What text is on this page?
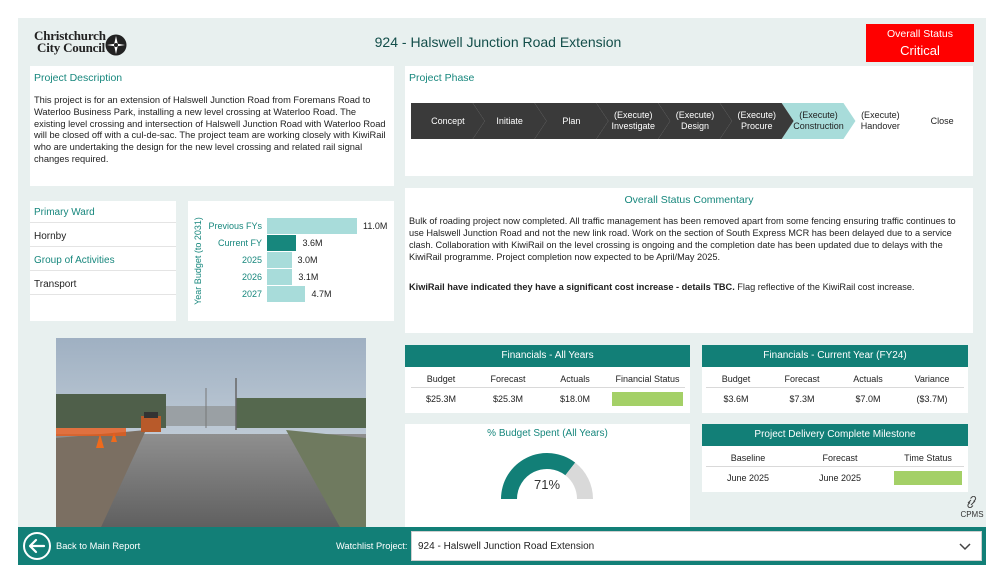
Christchurch
City Council	924 - Halswell Junction Road Extension	Overall Status
Critical
Project Description
This project is for an extension of Halswell Junction Road from Foremans Road to Waterloo Business Park, installing a new level crossing at Waterloo Road. The existing level crossing and intersection of Halswell Junction Road with Waterloo Road will be closed off with a cul-de-sac. The project team are working closely with KiwiRail who are undertaking the design for the new level crossing and related rail signal changes required.
Project Phase
Concept	Initiate	Plan
(Execute)
Investigate
(Execute)
Design
(Execute)
Procure
(Execute)
Construction
(Execute)
Handover	Close
Primary Ward
Hornby
Group of Activities
Transport	Year Budget (to 2031) Previous FYs	11.0M
Current FY	3.6M
2025	3.0M
2026	3.1M
2027	4.7M
Overall Status Commentary
Bulk of roading project now completed. All traffic management has been removed apart from some fencing ensuring traffic continues to use Halswell Junction Road and not the new link road. Work on the section of South Express MCR has been delayed due to a service clash. Collaboration with KiwiRail on the level crossing is ongoing and the completion date has been updated due to delays with the KiwiRail programme. Project completion now expected to be April/May 2025.
KiwiRail have indicated they have a significant cost increase - details TBC. Flag reflective of the KiwiRail cost increase.
Financials - All Years
Budget	Forecast	Actuals	Financial Status
$25.3M	$25.3M	$18.0M
Financials - Current Year (FY24)
Budget	Forecast	Actuals	Variance
$3.6M	$7.3M	$7.0M	($3.7M)
% Budget Spent (All Years)
71%
Project Delivery Complete Milestone
Baseline	Forecast	Time Status
June 2025	June 2025
CPMS
Back to Main Report	Watchlist Project: 924 - Halswell Junction Road Extension
